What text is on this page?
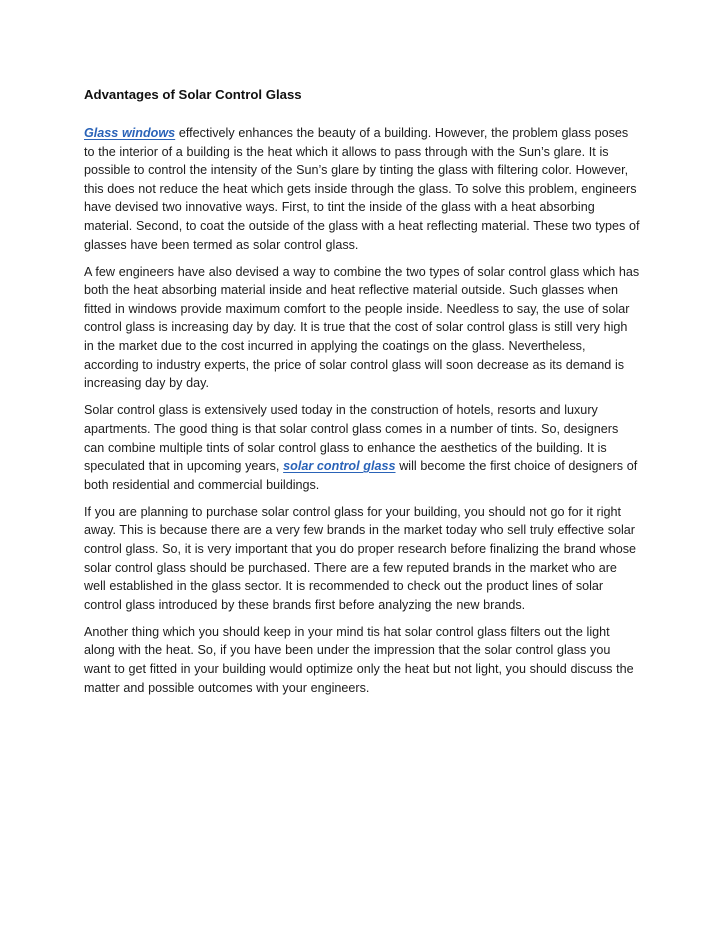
Advantages of Solar Control Glass

Glass windows effectively enhances the beauty of a building. However, the problem glass poses to the interior of a building is the heat which it allows to pass through with the Sun’s glare. It is possible to control the intensity of the Sun’s glare by tinting the glass with filtering color. However, this does not reduce the heat which gets inside through the glass. To solve this problem, engineers have devised two innovative ways. First, to tint the inside of the glass with a heat absorbing material. Second, to coat the outside of the glass with a heat reflecting material. These two types of glasses have been termed as solar control glass.

A few engineers have also devised a way to combine the two types of solar control glass which has both the heat absorbing material inside and heat reflective material outside. Such glasses when fitted in windows provide maximum comfort to the people inside. Needless to say, the use of solar control glass is increasing day by day. It is true that the cost of solar control glass is still very high in the market due to the cost incurred in applying the coatings on the glass. Nevertheless, according to industry experts, the price of solar control glass will soon decrease as its demand is increasing day by day.

Solar control glass is extensively used today in the construction of hotels, resorts and luxury apartments. The good thing is that solar control glass comes in a number of tints. So, designers can combine multiple tints of solar control glass to enhance the aesthetics of the building. It is speculated that in upcoming years, solar control glass will become the first choice of designers of both residential and commercial buildings.

If you are planning to purchase solar control glass for your building, you should not go for it right away. This is because there are a very few brands in the market today who sell truly effective solar control glass. So, it is very important that you do proper research before finalizing the brand whose solar control glass should be purchased. There are a few reputed brands in the market who are well established in the glass sector. It is recommended to check out the product lines of solar control glass introduced by these brands first before analyzing the new brands.

Another thing which you should keep in your mind tis hat solar control glass filters out the light along with the heat. So, if you have been under the impression that the solar control glass you want to get fitted in your building would optimize only the heat but not light, you should discuss the matter and possible outcomes with your engineers.
